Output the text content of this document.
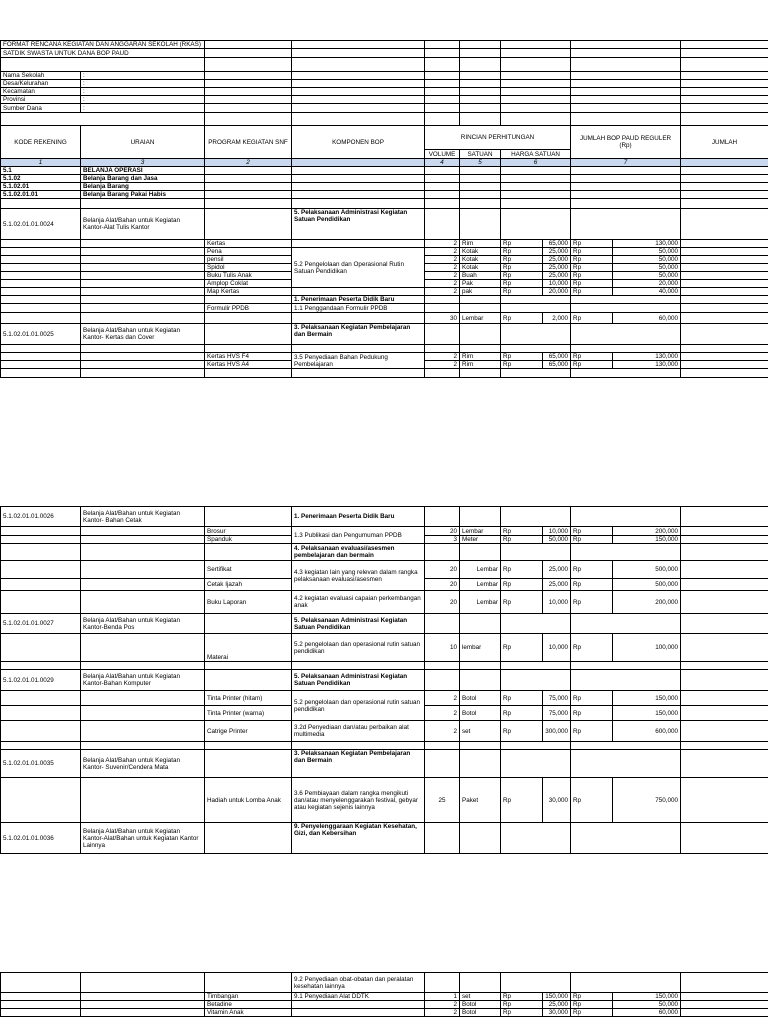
FORMAT RENCANA KEGIATAN DAN ANGGARAN SEKOLAH (RKAS)										
SATDIK SWASTA UNTUK DANA BOP PAUD										

Nama Sekolah	:									
Desa/Kelurahan	:									
Kecamatan	:									
Provinsi	:									
Sumber Dana	:									

KODE REKENING	URAIAN	PROGRAM KEGIATAN SNF	KOMPONEN BOP	RINCIAN PERHITUNGAN				JUMLAH BOP PAUD REGULER (Rp)		JUMLAH
				VOLUME	SATUAN	HARGA SATUAN				
1	3	2		4	5	6		7		
5.1	BELANJA OPERASI									
5.1.02	Belanja Barang dan Jasa									
5.1.02.01	Belanja Barang									
5.1.02.01.01	Belanja Barang Pakai Habis									

5.1.02.01.01.0024	Belanja Alat/Bahan untuk Kegiatan Kantor-Alat Tulis Kantor		5. Pelaksanaan Administrasi Kegiatan Satuan Pendidikan							
		Kertas		2	Rim	Rp	65,000	Rp	130,000	
		Pena	5.2 Pengelolaan dan Operasional Rutin Satuan Pendidikan	2	Kotak	Rp	25,000	Rp	50,000	
		pensil		2	Kotak	Rp	25,000	Rp	50,000	
		Spidol		2	Kotak	Rp	25,000	Rp	50,000	
		Buku Tulis Anak		2	Buah	Rp	25,000	Rp	50,000	
		Amplop Coklat		2	Pak	Rp	10,000	Rp	20,000	
		Map Kertas		2	pak	Rp	20,000	Rp	40,000	
			1. Penerimaan Peserta Didik Baru							
		Formulir PPDB	1.1 Penggandaan Formulir PPDB							
				30	Lembar	Rp	2,000	Rp	60,000	
5.1.02.01.01.0025	Belanja Alat/Bahan untuk Kegiatan Kantor- Kertas dan Cover		3. Pelaksanaan Kegiatan Pembelajaran dan Bermain							

		Kertas HVS F4	3.5 Penyediaan Bahan Pedukung Pembelajaran	2	Rim	Rp	65,000	Rp	130,000	
		Kertas HVS A4		2	Rim	Rp	65,000	Rp	130,000	

5.1.02.01.01.0026	Belanja Alat/Bahan untuk Kegiatan Kantor- Bahan Cetak		1. Penerimaan Peserta Didik Baru							
		Brosur	1.3 Publikasi dan Pengumuman PPDB	20	Lembar	Rp	10,000	Rp	200,000	
		Spanduk		3	Meter	Rp	50,000	Rp	150,000	
			4. Pelaksanaan evaluasi/asesmen pembelajaran dan bermain							
		Sertifikat	4.3 kegiatan lain yang relevan dalam rangka pelaksanaan evaluasi/asesmen	20	Lembar	Rp	25,000	Rp	500,000	
		Cetak Ijazah		20	Lembar	Rp	25,000	Rp	500,000	
		Buku Laporan	4.2 kegiatan evaluasi capaian perkembangan anak	20	Lembar	Rp	10,000	Rp	200,000	
5.1.02.01.01.0027	Belanja Alat/Bahan untuk Kegiatan Kantor-Benda Pos		5. Pelaksanaan Administrasi Kegiatan Satuan Pendidikan							
		Materai	5.2 pengelolaan dan operasional rutin satuan pendidikan	10	lembar	Rp	10,000	Rp	100,000	

5.1.02.01.01.0029	Belanja Alat/Bahan untuk Kegiatan Kantor-Bahan Komputer		5. Pelaksanaan Administrasi Kegiatan Satuan Pendidikan							
		Tinta Printer (hitam)	5.2 pengelolaan dan operasional rutin satuan pendidikan	2	Botol	Rp	75,000	Rp	150,000	
		Tinta Printer (warna)		2	Botol	Rp	75,000	Rp	150,000	
		Catrige Printer	3.2d Penyediaan dan/atau perbaikan alat multimedia	2	set	Rp	300,000	Rp	600,000	

5.1.02.01.01.0035	Belanja Alat/Bahan untuk Kegiatan Kantor- Suvenir/Cendera Mata		3. Pelaksanaan Kegiatan Pembelajaran dan Bermain							
		Hadiah untuk Lomba Anak	3.6 Pembiayaan dalam rangka mengikuti dan/atau menyelenggarakan festival, gebyar atau kegiatan sejenis lainnya	25	Paket	Rp	30,000	Rp	750,000	
5.1.02.01.01.0036	Belanja Alat/Bahan untuk Kegiatan Kantor-Alat/Bahan untuk Kegiatan Kantor Lainnya		9. Penyelenggaraan Kegiatan Kesehatan, Gizi, dan Kebersihan							
			9.2 Penyediaan obat-obatan dan peralatan kesehatan lainnya							
		Timbangan	9.1 Penyediaan Alat DDTK	1	set	Rp	150,000	Rp	150,000	
		Betadine		2	Botol	Rp	25,000	Rp	50,000	
		Vitamin Anak		2	Botol	Rp	30,000	Rp	60,000	
